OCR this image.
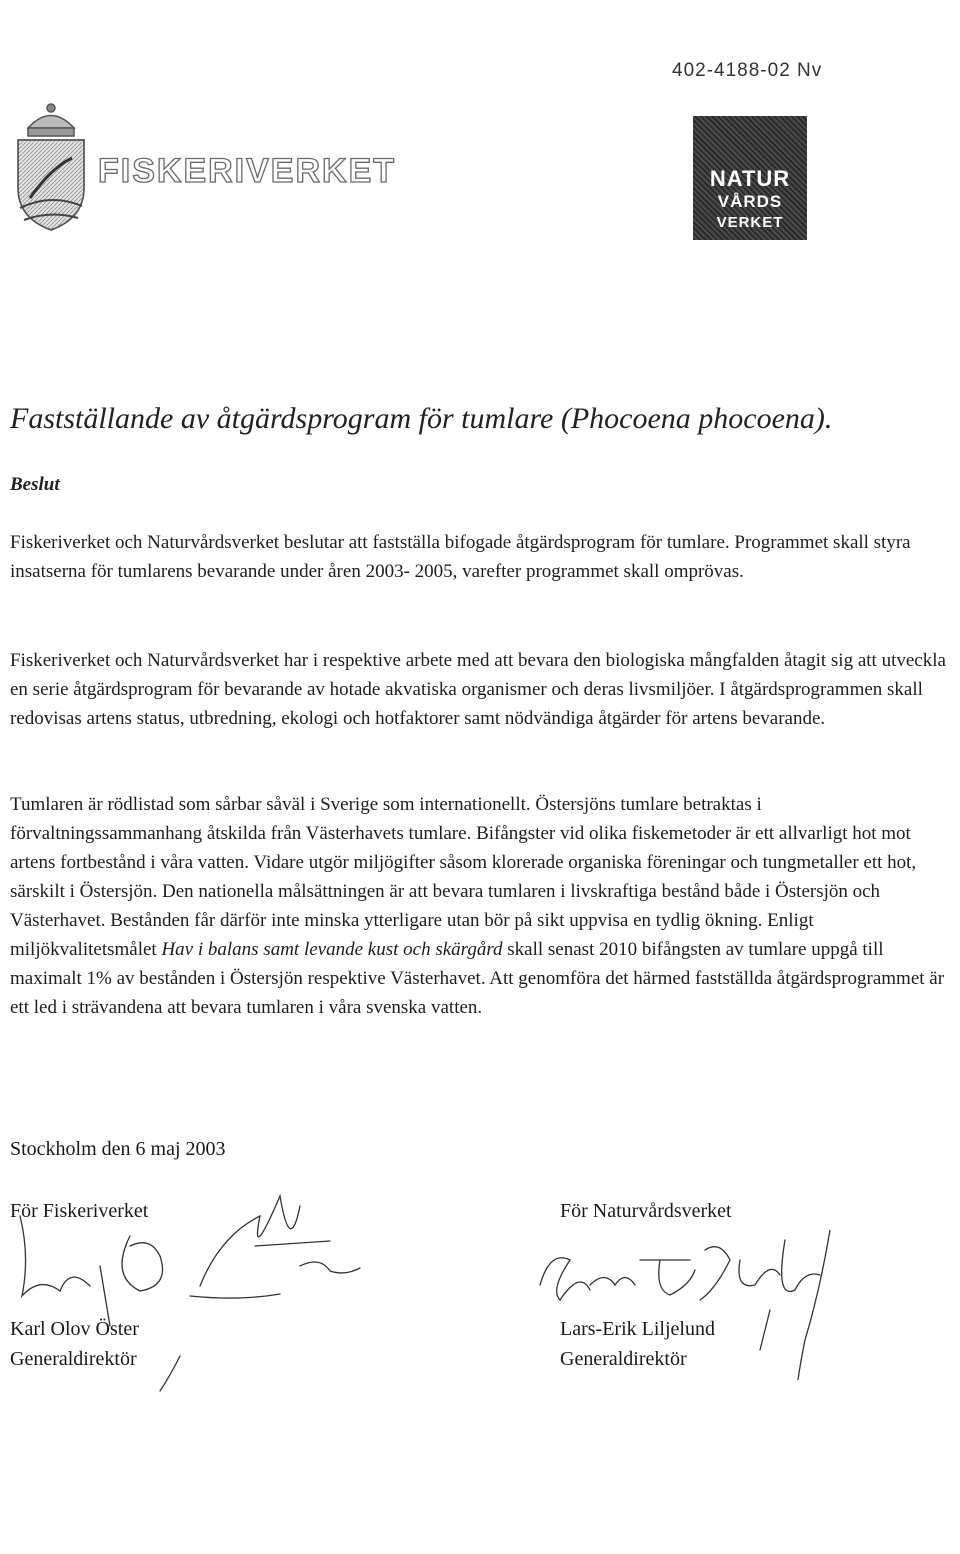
402-4188-02 Nv
FISKERIVERKET	NATUR
VÅRDS
VERKET
Fastställande av åtgärdsprogram för tumlare (Phocoena phocoena).
Beslut

Fiskeriverket och Naturvårdsverket beslutar att fastställa bifogade åtgärdsprogram för tumlare. Programmet skall styra insatserna för tumlarens bevarande under åren 2003- 2005, varefter programmet skall omprövas.

Fiskeriverket och Naturvårdsverket har i respektive arbete med att bevara den biologiska mångfalden åtagit sig att utveckla en serie åtgärdsprogram för bevarande av hotade akvatiska organismer och deras livsmiljöer. I åtgärdsprogrammen skall redovisas artens status, utbredning, ekologi och hotfaktorer samt nödvändiga åtgärder för artens bevarande.

Tumlaren är rödlistad som sårbar såväl i Sverige som internationellt. Östersjöns tumlare betraktas i förvaltningssammanhang åtskilda från Västerhavets tumlare. Bifångster vid olika fiskemetoder är ett allvarligt hot mot artens fortbestånd i våra vatten. Vidare utgör miljögifter såsom klorerade organiska föreningar och tungmetaller ett hot, särskilt i Östersjön. Den nationella målsättningen är att bevara tumlaren i livskraftiga bestånd både i Östersjön och Västerhavet. Bestånden får därför inte minska ytterligare utan bör på sikt uppvisa en tydlig ökning. Enligt miljökvalitetsmålet Hav i balans samt levande kust och skärgård skall senast 2010 bifångsten av tumlare uppgå till maximalt 1% av bestånden i Östersjön respektive Västerhavet. Att genomföra det härmed fastställda åtgärdsprogrammet är ett led i strävandena att bevara tumlaren i våra svenska vatten.

Stockholm den 6 maj 2003
För Fiskeriverket
Karl Olov Öster
Generaldirektör
För Naturvårdsverket
Lars-Erik Liljelund
Generaldirektör
